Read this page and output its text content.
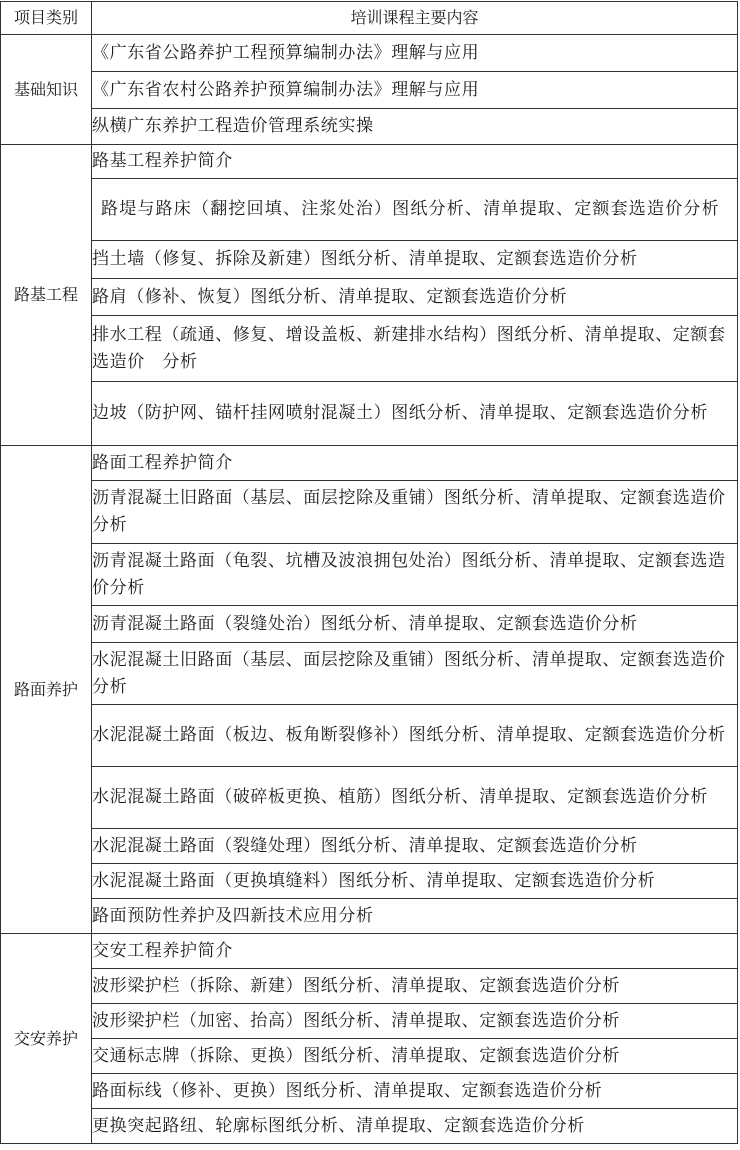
项目类别	培训课程主要内容
基础知识	《广东省公路养护工程预算编制办法》理解与应用
	《广东省农村公路养护预算编制办法》理解与应用
	纵横广东养护工程造价管理系统实操
路基工程	路基工程养护简介
	路堤与路床（翻挖回填、注浆处治）图纸分析、清单提取、定额套选造价分析
	挡土墙（修复、拆除及新建）图纸分析、清单提取、定额套选造价分析
	路肩（修补、恢复）图纸分析、清单提取、定额套选造价分析
	排水工程（疏通、修复、增设盖板、新建排水结构）图纸分析、清单提取、定额套选造价　分析
	边坡（防护网、锚杆挂网喷射混凝土）图纸分析、清单提取、定额套选造价分析
路面养护	路面工程养护简介
	沥青混凝土旧路面（基层、面层挖除及重铺）图纸分析、清单提取、定额套选造价分析
	沥青混凝土路面（龟裂、坑槽及波浪拥包处治）图纸分析、清单提取、定额套选造价分析
	沥青混凝土路面（裂缝处治）图纸分析、清单提取、定额套选造价分析
	水泥混凝土旧路面（基层、面层挖除及重铺）图纸分析、清单提取、定额套选造价分析
	水泥混凝土路面（板边、板角断裂修补）图纸分析、清单提取、定额套选造价分析
	水泥混凝土路面（破碎板更换、植筋）图纸分析、清单提取、定额套选造价分析
	水泥混凝土路面（裂缝处理）图纸分析、清单提取、定额套选造价分析
	水泥混凝土路面（更换填缝料）图纸分析、清单提取、定额套选造价分析
	路面预防性养护及四新技术应用分析
交安养护	交安工程养护简介
	波形梁护栏（拆除、新建）图纸分析、清单提取、定额套选造价分析
	波形梁护栏（加密、抬高）图纸分析、清单提取、定额套选造价分析
	交通标志牌（拆除、更换）图纸分析、清单提取、定额套选造价分析
	路面标线（修补、更换）图纸分析、清单提取、定额套选造价分析
	更换突起路纽、轮廓标图纸分析、清单提取、定额套选造价分析
